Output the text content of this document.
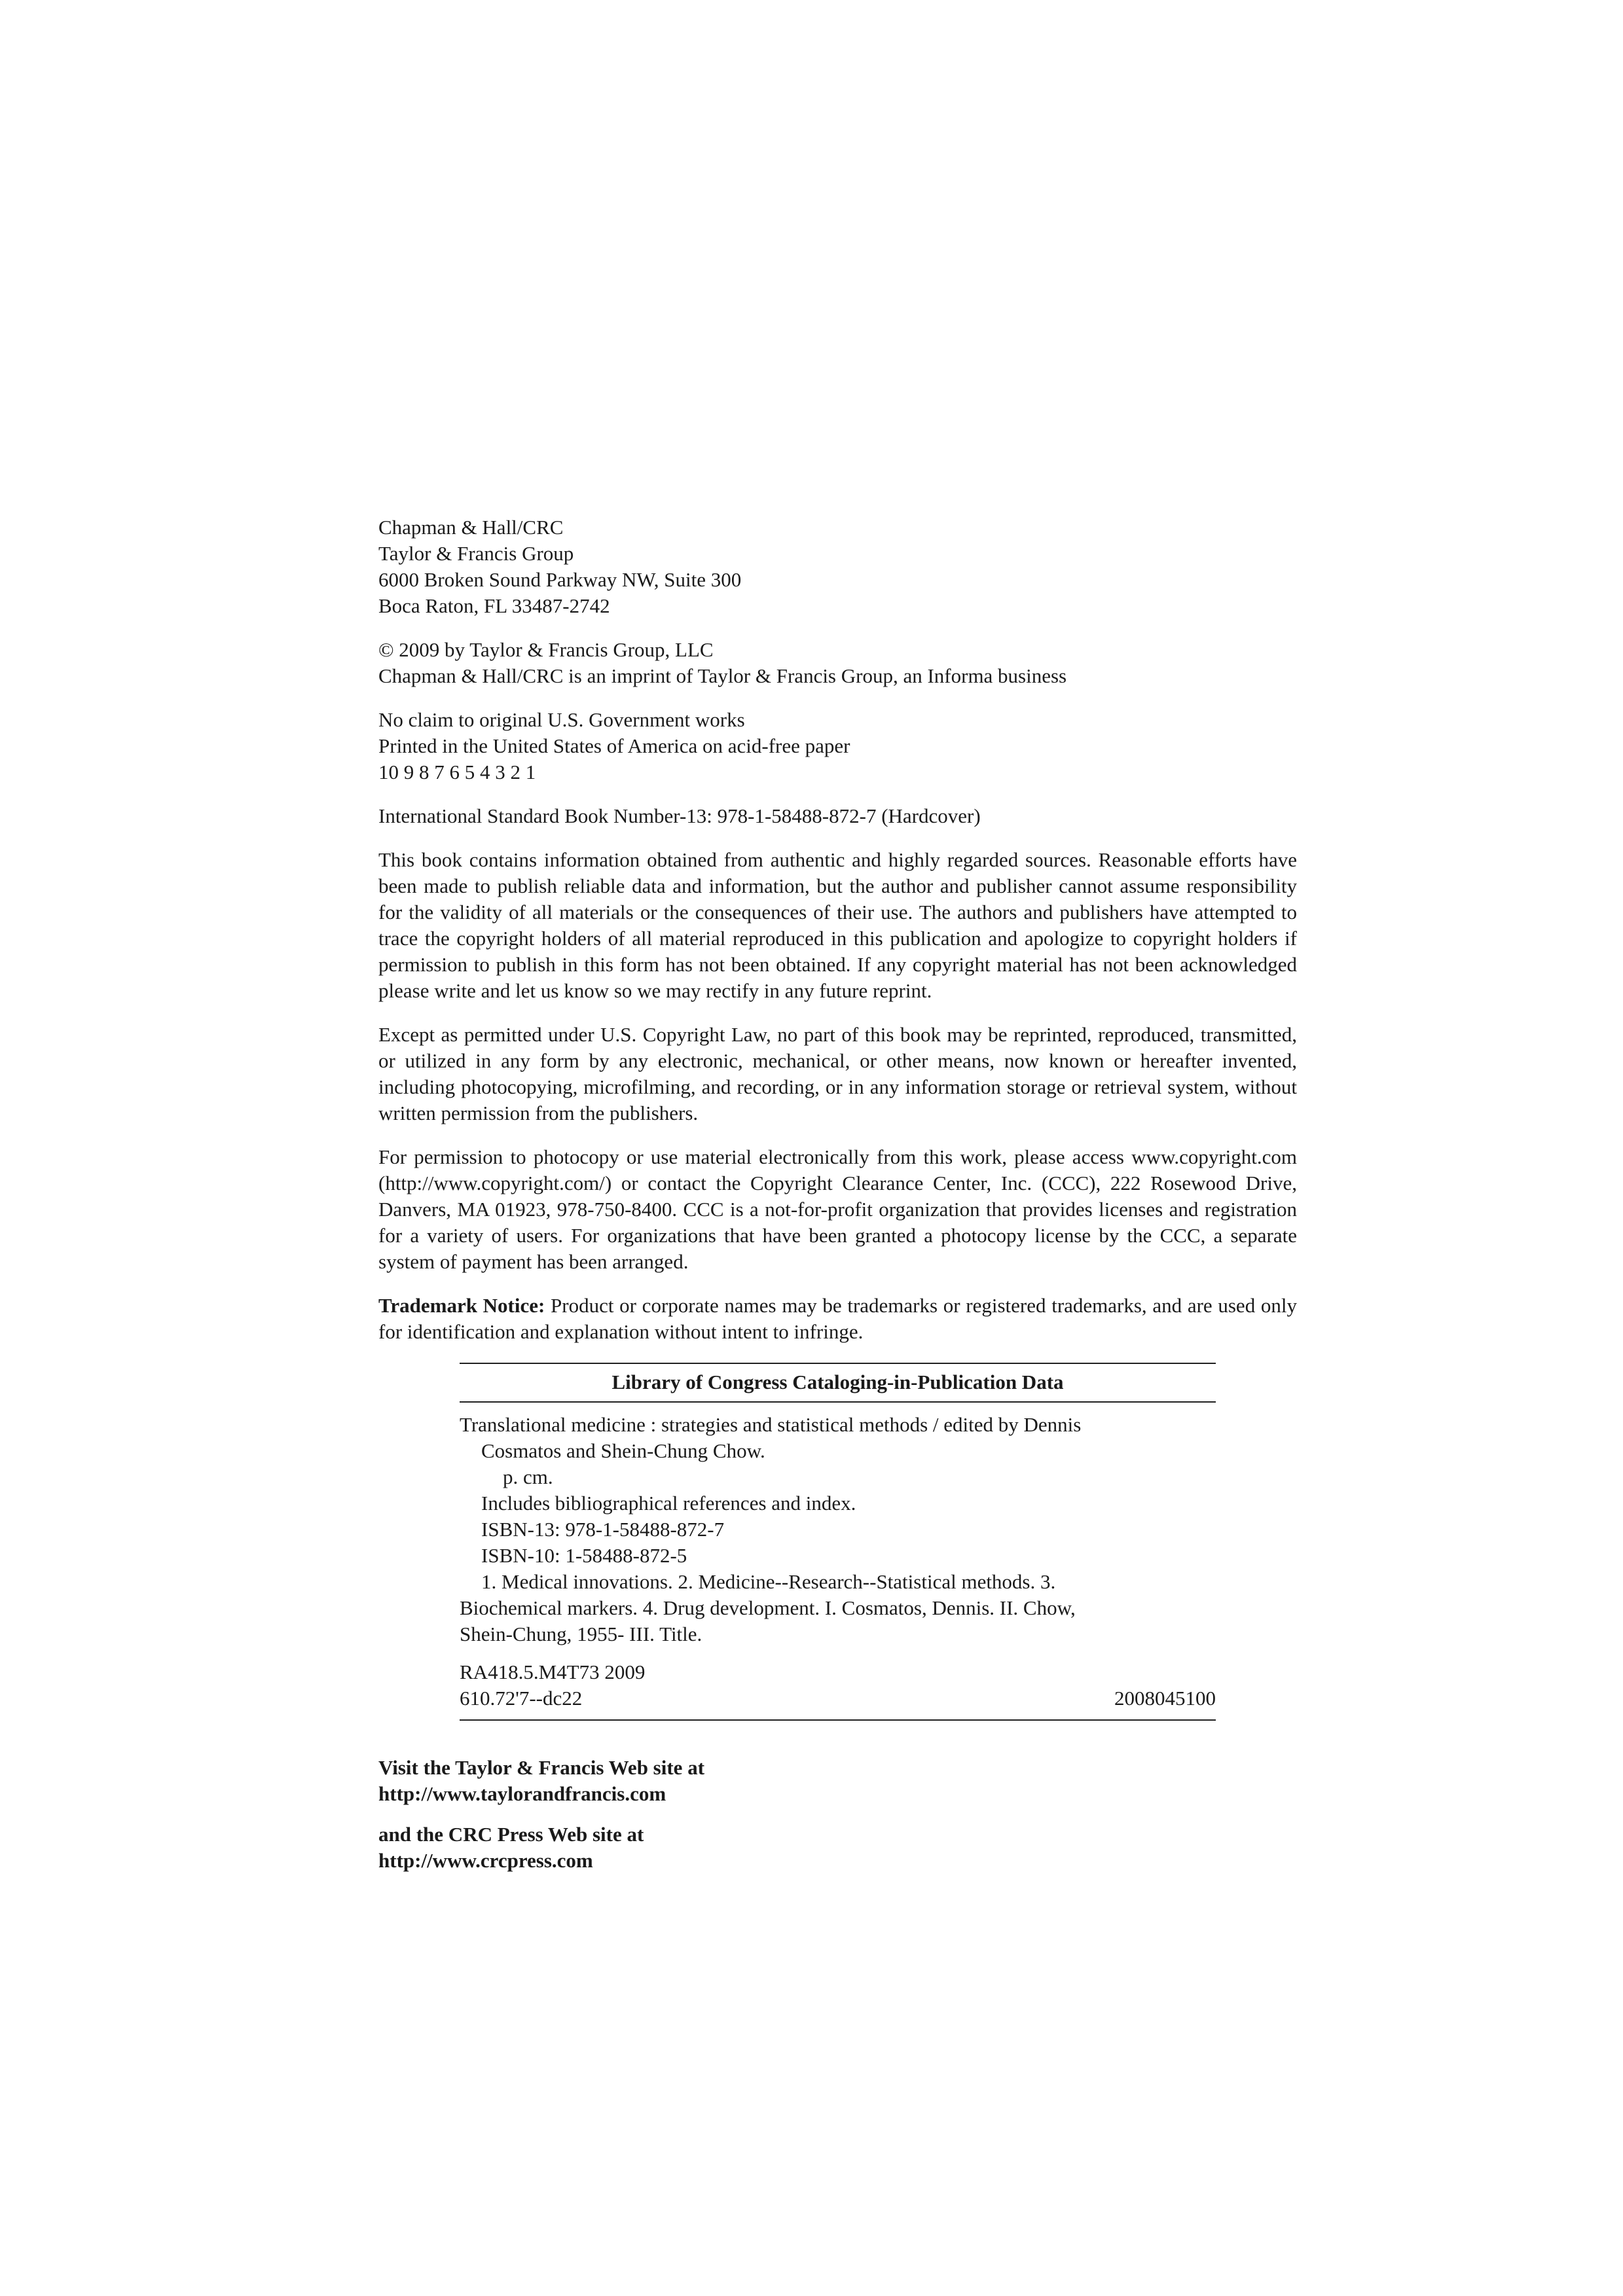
Chapman & Hall/CRC
Taylor & Francis Group
6000 Broken Sound Parkway NW, Suite 300
Boca Raton, FL 33487-2742
© 2009 by Taylor & Francis Group, LLC
Chapman & Hall/CRC is an imprint of Taylor & Francis Group, an Informa business
No claim to original U.S. Government works
Printed in the United States of America on acid-free paper
10 9 8 7 6 5 4 3 2 1
International Standard Book Number-13: 978-1-58488-872-7 (Hardcover)

This book contains information obtained from authentic and highly regarded sources. Reasonable efforts have been made to publish reliable data and information, but the author and publisher cannot assume responsibility for the validity of all materials or the consequences of their use. The authors and publishers have attempted to trace the copyright holders of all material reproduced in this publication and apologize to copyright holders if permission to publish in this form has not been obtained. If any copyright material has not been acknowledged please write and let us know so we may rectify in any future reprint.

Except as permitted under U.S. Copyright Law, no part of this book may be reprinted, reproduced, transmitted, or utilized in any form by any electronic, mechanical, or other means, now known or hereafter invented, including photocopying, microfilming, and recording, or in any information storage or retrieval system, without written permission from the publishers.

For permission to photocopy or use material electronically from this work, please access www.copyright.com (http://www.copyright.com/) or contact the Copyright Clearance Center, Inc. (CCC), 222 Rosewood Drive, Danvers, MA 01923, 978-750-8400. CCC is a not-for-profit organization that provides licenses and registration for a variety of users. For organizations that have been granted a photocopy license by the CCC, a separate system of payment has been arranged.

Trademark Notice: Product or corporate names may be trademarks or registered trademarks, and are used only for identification and explanation without intent to infringe.

Library of Congress Cataloging-in-Publication Data
Translational medicine : strategies and statistical methods / edited by Dennis
Cosmatos and Shein-Chung Chow.
p. cm.
Includes bibliographical references and index.
ISBN-13: 978-1-58488-872-7
ISBN-10: 1-58488-872-5
1. Medical innovations. 2. Medicine--Research--Statistical methods. 3.
Biochemical markers. 4. Drug development. I. Cosmatos, Dennis. II. Chow,
Shein-Chung, 1955- III. Title.
RA418.5.M4T73 2009
610.72'7--dc22	2008045100
Visit the Taylor & Francis Web site at
http://www.taylorandfrancis.com
and the CRC Press Web site at
http://www.crcpress.com
